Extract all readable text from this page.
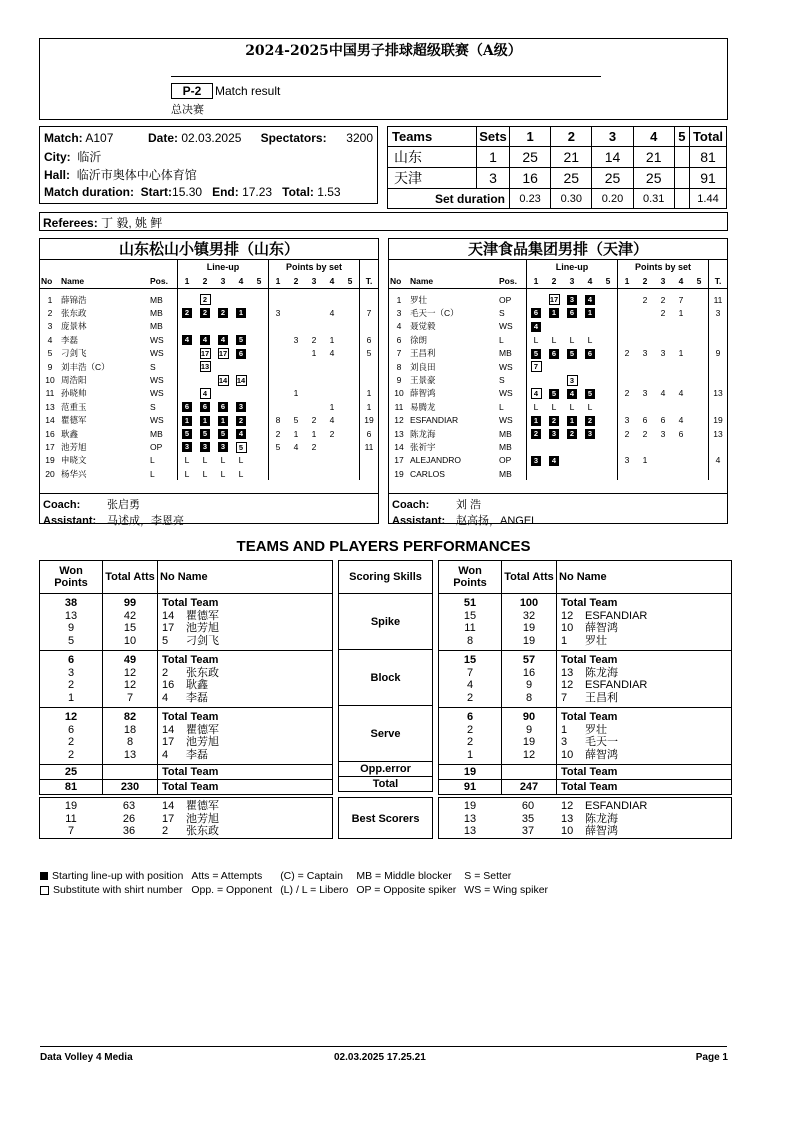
2024-2025中国男子排球超级联赛（A级）
P-2	Match result
总决赛
Match: A107	Date: 02.03.2025	Spectators:	3200
City: 临沂
Hall: 临沂市奥体中心体育馆
Match duration: Start:15.30 End: 17.23 Total: 1.53
Teams	Sets	1	2	3	4	5	Total
山东	1	25	21	14	21		81
天津	3	16	25	25	25		91
Set duration		0.23	0.30	0.20	0.31		1.44
Referees: 丁 毅, 姚 鲆
山东松山小镇男排（山东）
			Line-up					Points by set					
No	Name	Pos.	1	2	3	4	5	1	2	3	4	5	T.

1	薛锦浩	MB		2									
2	张东政	MB	2	2	2	1		3			4		7
3	庞景林	MB											
4	李磊	WS	4	4	4	5			3	2	1		6
5	刁剑飞	WS		17	17	6				1	4		5
9	刘丰浩（C）	S		13									
10	周浩阳	WS			14	14							
11	孙晓帅	WS		4					1				1
13	范重玉	S	6	6	6	3					1		1
14	瞿德军	WS	1	1	1	2		8	5	2	4		19
16	耿鑫	MB	5	5	5	4		2	1	1	2		6
17	池芳旭	OP	3	3	3	5		5	4	2			11
19	申晓文	L	L	L	L	L							
20	杨华兴	L	L	L	L	L							
Coach: 张启勇
Assistant: 马述成，李恩亮
天津食品集团男排（天津）
			Line-up					Points by set					
No	Name	Pos.	1	2	3	4	5	1	2	3	4	5	T.

1	罗壮	OP		17	3	4			2	2	7		11
3	毛天一（C）	S	6	1	6	1				2	1		3
4	聂觉毅	WS	4										
6	徐朗	L	L	L	L	L							
7	王昌利	MB	5	6	5	6		2	3	3	1		9
8	刘良田	WS	7										
9	王景豪	S			3								
10	薛智鸿	WS	4	5	4	5		2	3	4	4		13
11	易腾龙	L	L	L	L	L							
12	ESFANDIAR	WS	1	2	1	2		3	6	6	4		19
13	陈龙海	MB	2	3	2	3		2	2	3	6		13
14	张祈宇	MB											
17	ALEJANDRO	OP	3	4				3	1				4
19	CARLOS	MB											
Coach: 刘 浩
Assistant: 赵高扬，ANGEL
TEAMS AND PLAYERS PERFORMANCES
Won Points	Total Atts	No Name
38	99	Total Team
13	42	14 瞿德军
9	15	17 池芳旭
5	10	5 刁剑飞
6	49	Total Team
3	12	2 张东政
2	12	16 耿鑫
1	7	4 李磊
12	82	Total Team
6	18	14 瞿德军
2	8	17 池芳旭
2	13	4 李磊
25		Total Team
81	230	Total Team
Scoring Skills
Spike
Block
Serve
Opp.error
Total
Won Points	Total Atts	No Name
51	100	Total Team
15	32	12 ESFANDIAR
11	19	10 薛智鸿
8	19	1 罗壮
15	57	Total Team
7	16	13 陈龙海
4	9	12 ESFANDIAR
2	8	7 王昌利
6	90	Total Team
2	9	1 罗壮
2	19	3 毛天一
1	12	10 薛智鸿
19		Total Team
91	247	Total Team
19	63	14 瞿德军
11	26	17 池芳旭
7	36	2 张东政
Best Scorers
19	60	12 ESFANDIAR
13	35	13 陈龙海
13	37	10 薛智鸿
Starting line-up with position	Atts = Attempts	(C) = Captain	MB = Middle blocker	S = Setter
Substitute with shirt number	Opp. = Opponent	(L) / L = Libero	OP = Opposite spiker	WS = Wing spiker
Data Volley 4 Media	02.03.2025 17.25.21	Page 1
